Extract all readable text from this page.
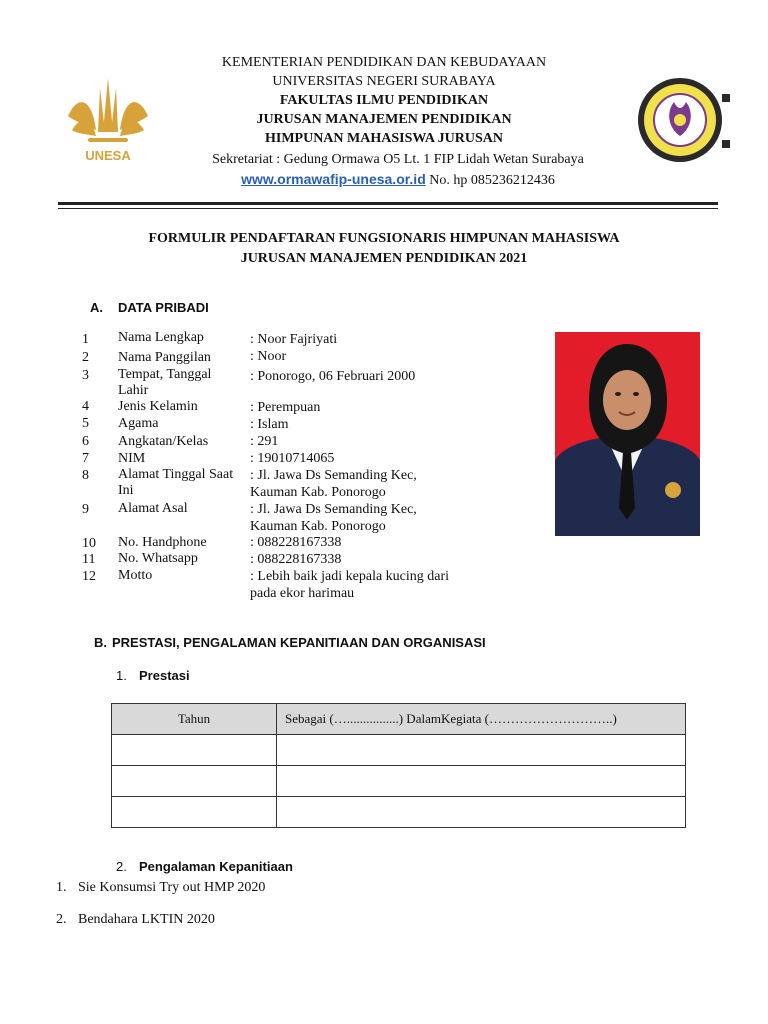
UNESA
KEMENTERIAN PENDIDIKAN DAN KEBUDAYAAN
UNIVERSITAS NEGERI SURABAYA
FAKULTAS ILMU PENDIDIKAN
JURUSAN MANAJEMEN PENDIDIKAN
HIMPUNAN MAHASISWA JURUSAN
Sekretariat : Gedung Ormawa O5 Lt. 1 FIP Lidah Wetan Surabaya
www.ormawafip-unesa.or.id No. hp 085236212436
FORMULIR PENDAFTARAN FUNGSIONARIS HIMPUNAN MAHASISWA
JURUSAN MANAJEMEN PENDIDIKAN 2021
A. DATA PRIBADI
1 Nama Lengkap	: Noor Fajriyati
2 Nama Panggilan	: Noor
3 Tempat, Tanggal Lahir
: Ponorogo, 06 Februari 2000
4 Jenis Kelamin	: Perempuan
5 Agama	: Islam
6 Angkatan/Kelas	: 291
7 NIM	: 19010714065
8 Alamat Tinggal Saat Ini
: Jl. Jawa Ds Semanding Kec, Kauman Kab. Ponorogo
9 Alamat Asal	: Jl. Jawa Ds Semanding Kec, Kauman Kab. Ponorogo
10 No. Handphone	: 088228167338
11 No. Whatsapp	: 088228167338
12 Motto	: Lebih baik jadi kepala kucing dari pada ekor harimau
B. PRESTASI, PENGALAMAN KEPANITIAAN DAN ORGANISASI
1. Prestasi
Tahun	Sebagai (…................) DalamKegiata (………………………..)

2. Pengalaman Kepanitiaan
1. Sie Konsumsi Try out HMP 2020
2. Bendahara LKTIN 2020
